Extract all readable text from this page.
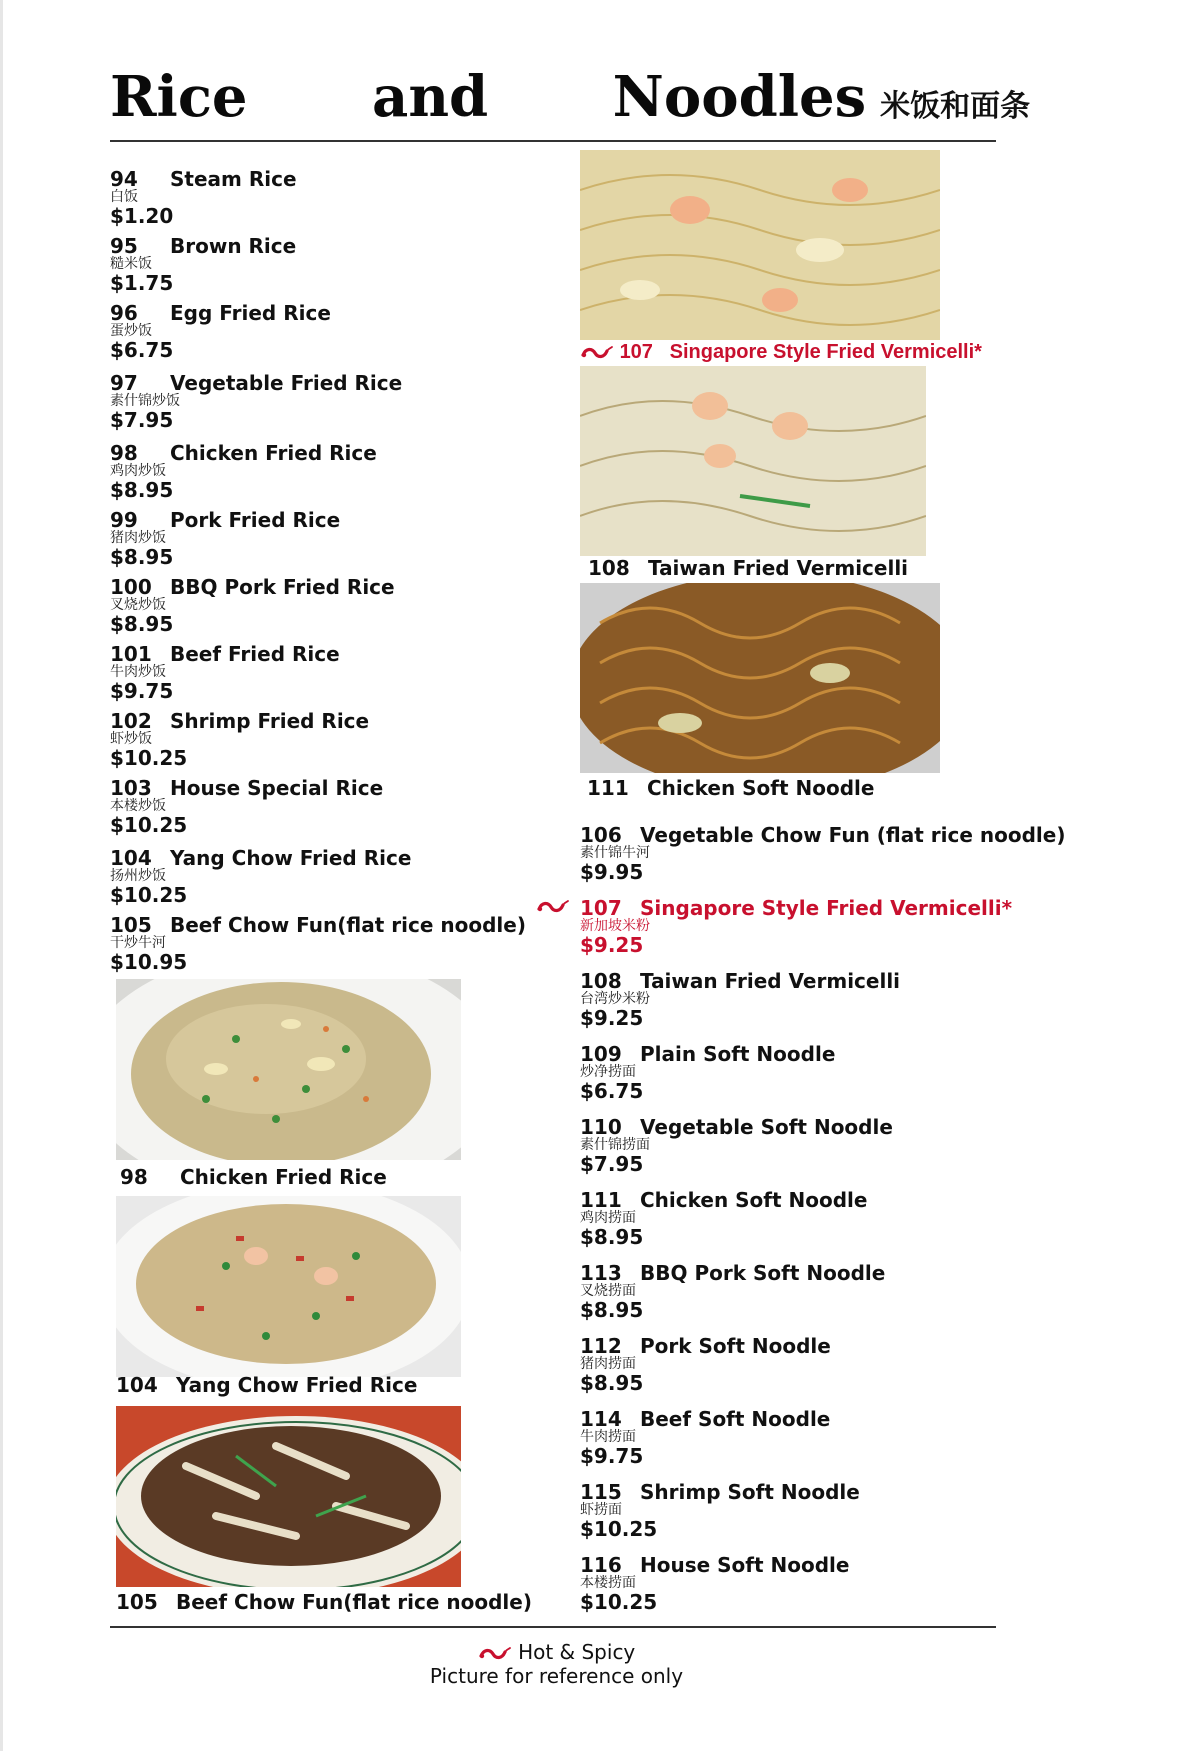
Rice   and   Noodles 米饭和面条
94 Steam Rice
白饭
$1.20
95 Brown Rice
糙米饭
$1.75
96 Egg Fried Rice
蛋炒饭
$6.75
97 Vegetable Fried Rice
素什锦炒饭
$7.95
98 Chicken Fried Rice
鸡肉炒饭
$8.95
99 Pork Fried Rice
猪肉炒饭
$8.95
100 BBQ Pork Fried Rice
叉烧炒饭
$8.95
101 Beef Fried Rice
牛肉炒饭
$9.75
102 Shrimp Fried Rice
虾炒饭
$10.25
103 House Special Rice
本楼炒饭
$10.25
104 Yang Chow Fried Rice
扬州炒饭
$10.25
105 Beef Chow Fun(flat rice noodle)
干炒牛河
$10.95
98 Chicken Fried Rice
104 Yang Chow Fried Rice
105 Beef Chow Fun(flat rice noodle)
107 Singapore Style Fried Vermicelli*
108 Taiwan Fried Vermicelli
111 Chicken Soft Noodle
106 Vegetable Chow Fun (flat rice noodle)
素什锦牛河
$9.95
107 Singapore Style Fried Vermicelli*
新加坡米粉
$9.25
108 Taiwan Fried Vermicelli
台湾炒米粉
$9.25
109 Plain Soft Noodle
炒净捞面
$6.75
110 Vegetable Soft Noodle
素什锦捞面
$7.95
111 Chicken Soft Noodle
鸡肉捞面
$8.95
113 BBQ Pork Soft Noodle
叉烧捞面
$8.95
112 Pork Soft Noodle
猪肉捞面
$8.95
114 Beef Soft Noodle
牛肉捞面
$9.75
115 Shrimp Soft Noodle
虾捞面
$10.25
116 House Soft Noodle
本楼捞面
$10.25
Hot & Spicy
Picture for reference only
